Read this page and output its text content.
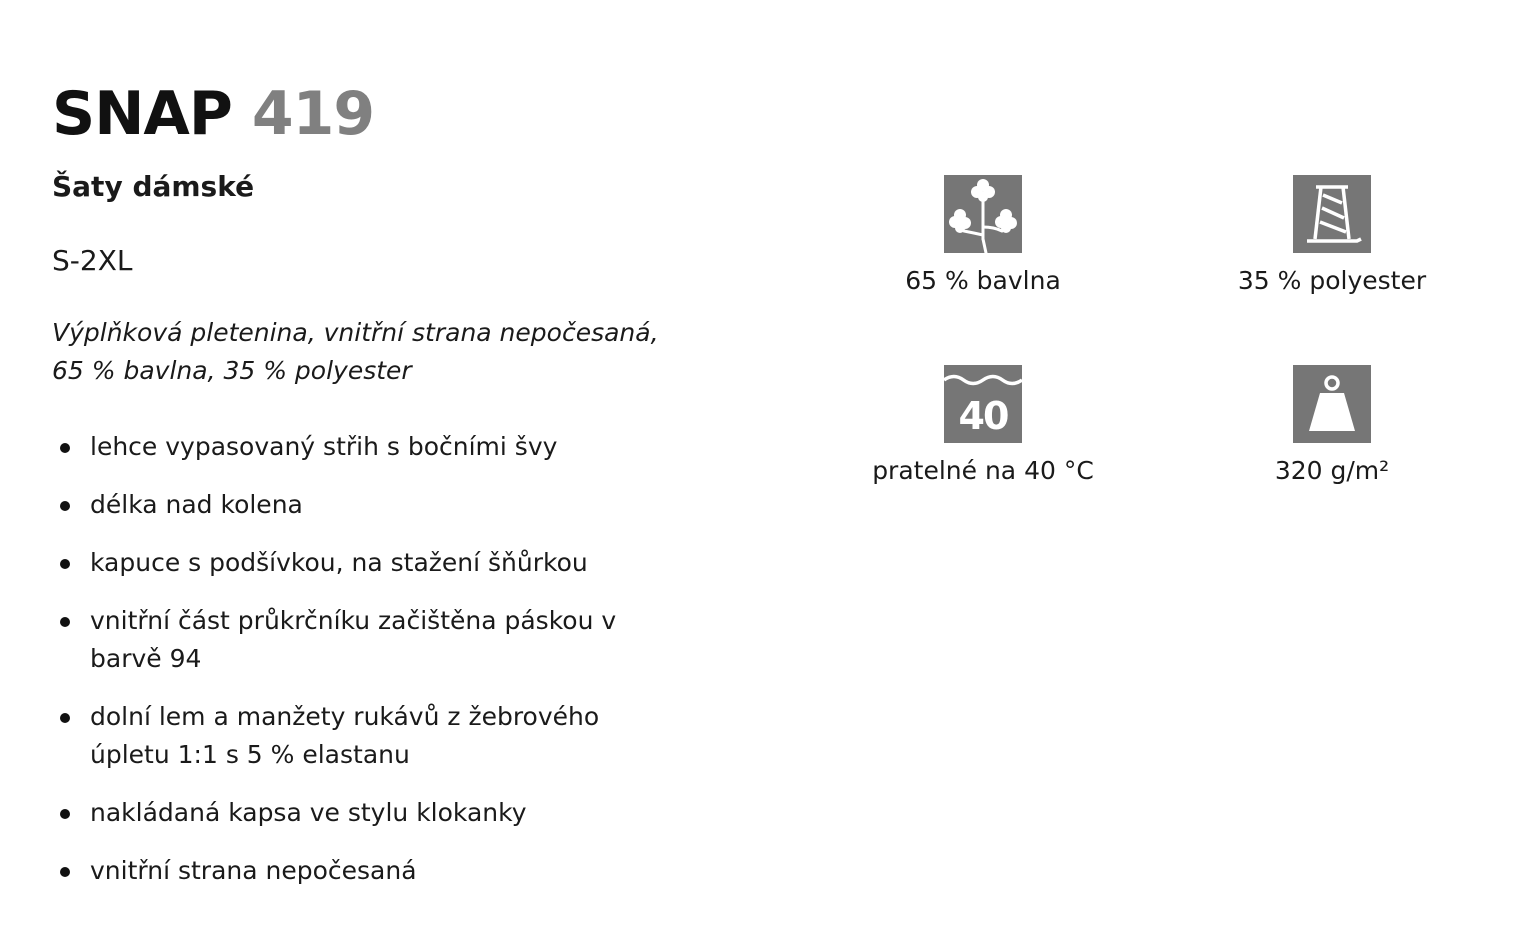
SNAP 419
Šaty dámské
S-2XL
Výplňková pletenina, vnitřní strana nepočesaná,
65 % bavlna, 35 % polyester
lehce vypasovaný střih s bočními švy
délka nad kolena
kapuce s podšívkou, na stažení šňůrkou
vnitřní část průkrčníku začištěna páskou v
barvě 94
dolní lem a manžety rukávů z žebrového
úpletu 1:1 s 5 % elastanu
nakládaná kapsa ve stylu klokanky
vnitřní strana nepočesaná
65 % bavlna	35 % polyester
40
pratelné na 40 °C	320 g/m²
